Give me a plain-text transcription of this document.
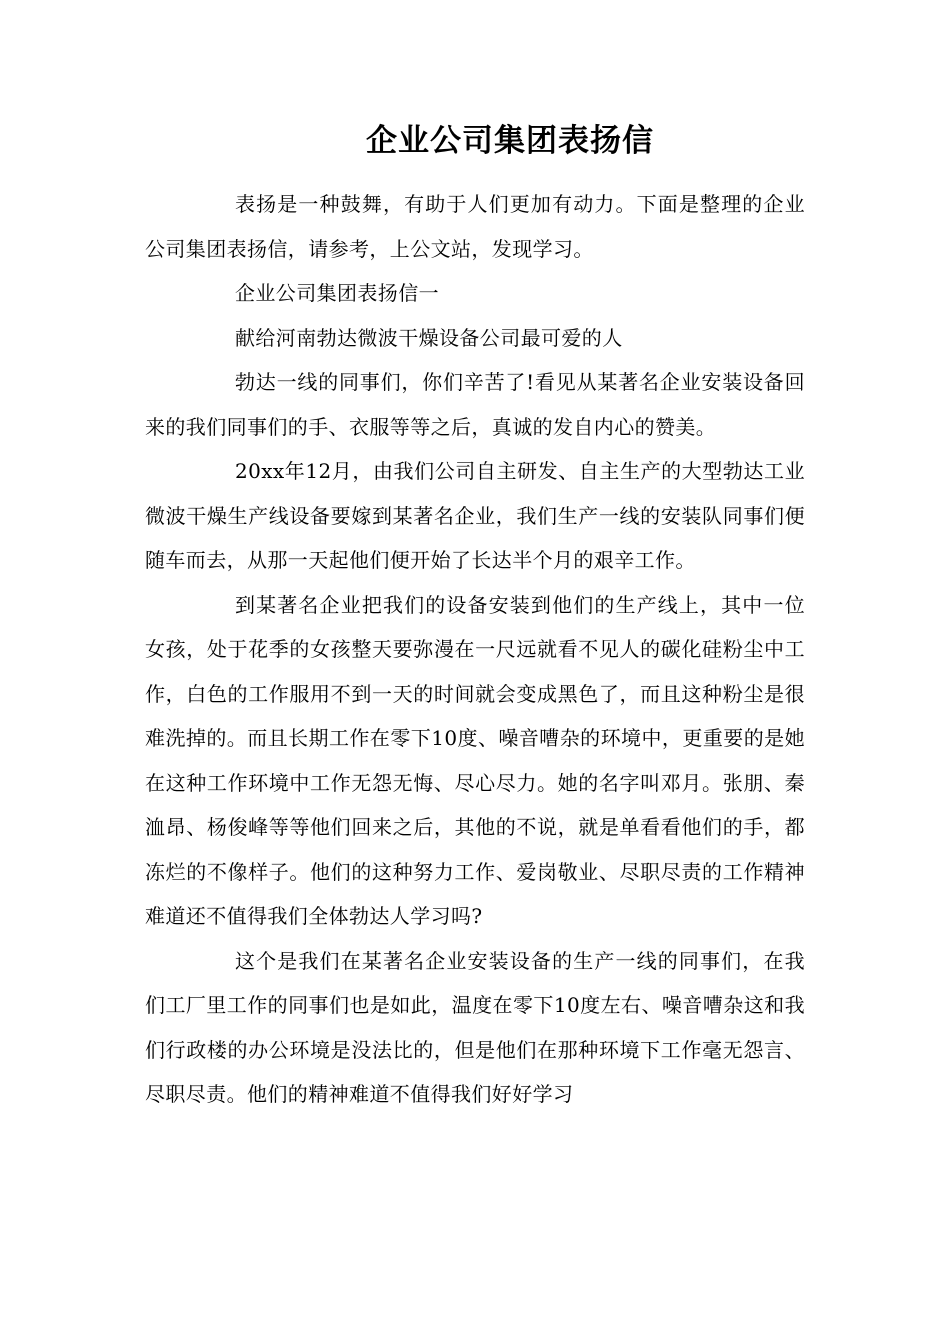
企业公司集团表扬信

表扬是一种鼓舞，有助于人们更加有动力。下面是整理的企业公司集团表扬信，请参考，上公文站，发现学习。

企业公司集团表扬信一

献给河南勃达微波干燥设备公司最可爱的人

勃达一线的同事们，你们辛苦了!看见从某著名企业安装设备回来的我们同事们的手、衣服等等之后，真诚的发自内心的赞美。

20xx年12月，由我们公司自主研发、自主生产的大型勃达工业微波干燥生产线设备要嫁到某著名企业，我们生产一线的安装队同事们便随车而去，从那一天起他们便开始了长达半个月的艰辛工作。

到某著名企业把我们的设备安装到他们的生产线上，其中一位女孩，处于花季的女孩整天要弥漫在一尺远就看不见人的碳化硅粉尘中工作，白色的工作服用不到一天的时间就会变成黑色了，而且这种粉尘是很难洗掉的。而且长期工作在零下10度、噪音嘈杂的环境中，更重要的是她在这种工作环境中工作无怨无悔、尽心尽力。她的名字叫邓月。张朋、秦洫昂、杨俊峰等等他们回来之后，其他的不说，就是单看看他们的手，都冻烂的不像样子。他们的这种努力工作、爱岗敬业、尽职尽责的工作精神难道还不值得我们全体勃达人学习吗?

这个是我们在某著名企业安装设备的生产一线的同事们，在我们工厂里工作的同事们也是如此，温度在零下10度左右、噪音嘈杂这和我们行政楼的办公环境是没法比的，但是他们在那种环境下工作毫无怨言、尽职尽责。他们的精神难道不值得我们好好学习
